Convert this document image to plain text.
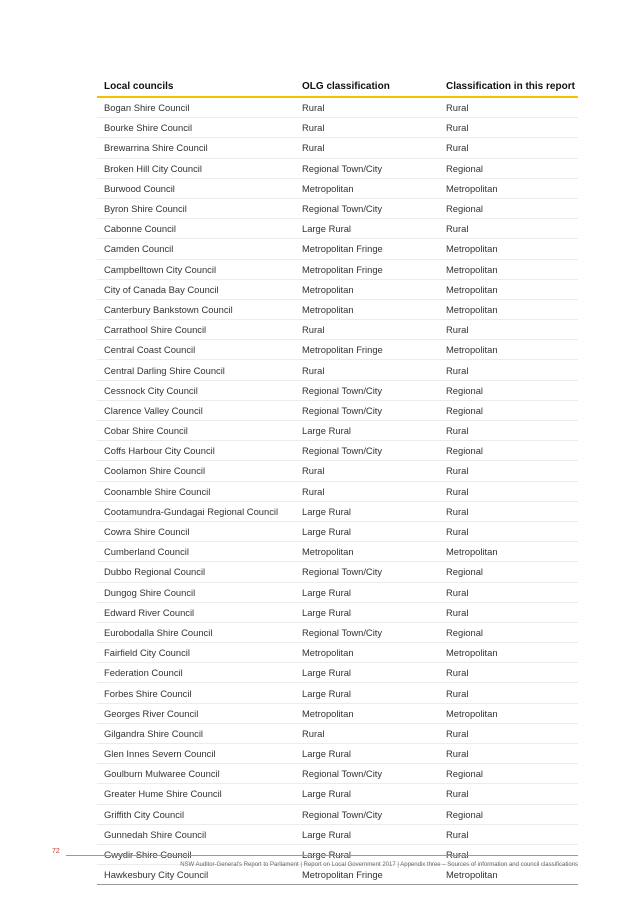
Local councils	OLG classification	Classification in this report
Bogan Shire Council	Rural	Rural
Bourke Shire Council	Rural	Rural
Brewarrina Shire Council	Rural	Rural
Broken Hill City Council	Regional Town/City	Regional
Burwood Council	Metropolitan	Metropolitan
Byron Shire Council	Regional Town/City	Regional
Cabonne Council	Large Rural	Rural
Camden Council	Metropolitan Fringe	Metropolitan
Campbelltown City Council	Metropolitan Fringe	Metropolitan
City of Canada Bay Council	Metropolitan	Metropolitan
Canterbury Bankstown Council	Metropolitan	Metropolitan
Carrathool Shire Council	Rural	Rural
Central Coast Council	Metropolitan Fringe	Metropolitan
Central Darling Shire Council	Rural	Rural
Cessnock City Council	Regional Town/City	Regional
Clarence Valley Council	Regional Town/City	Regional
Cobar Shire Council	Large Rural	Rural
Coffs Harbour City Council	Regional Town/City	Regional
Coolamon Shire Council	Rural	Rural
Coonamble Shire Council	Rural	Rural
Cootamundra-Gundagai Regional Council	Large Rural	Rural
Cowra Shire Council	Large Rural	Rural
Cumberland Council	Metropolitan	Metropolitan
Dubbo Regional Council	Regional Town/City	Regional
Dungog Shire Council	Large Rural	Rural
Edward River Council	Large Rural	Rural
Eurobodalla Shire Council	Regional Town/City	Regional
Fairfield City Council	Metropolitan	Metropolitan
Federation Council	Large Rural	Rural
Forbes Shire Council	Large Rural	Rural
Georges River Council	Metropolitan	Metropolitan
Gilgandra Shire Council	Rural	Rural
Glen Innes Severn Council	Large Rural	Rural
Goulburn Mulwaree Council	Regional Town/City	Regional
Greater Hume Shire Council	Large Rural	Rural
Griffith City Council	Regional Town/City	Regional
Gunnedah Shire Council	Large Rural	Rural
Gwydir Shire Council	Large Rural	Rural
Hawkesbury City Council	Metropolitan Fringe	Metropolitan
72
NSW Auditor-General's Report to Parliament | Report on Local Government 2017 | Appendix three – Sources of information and council classifications
